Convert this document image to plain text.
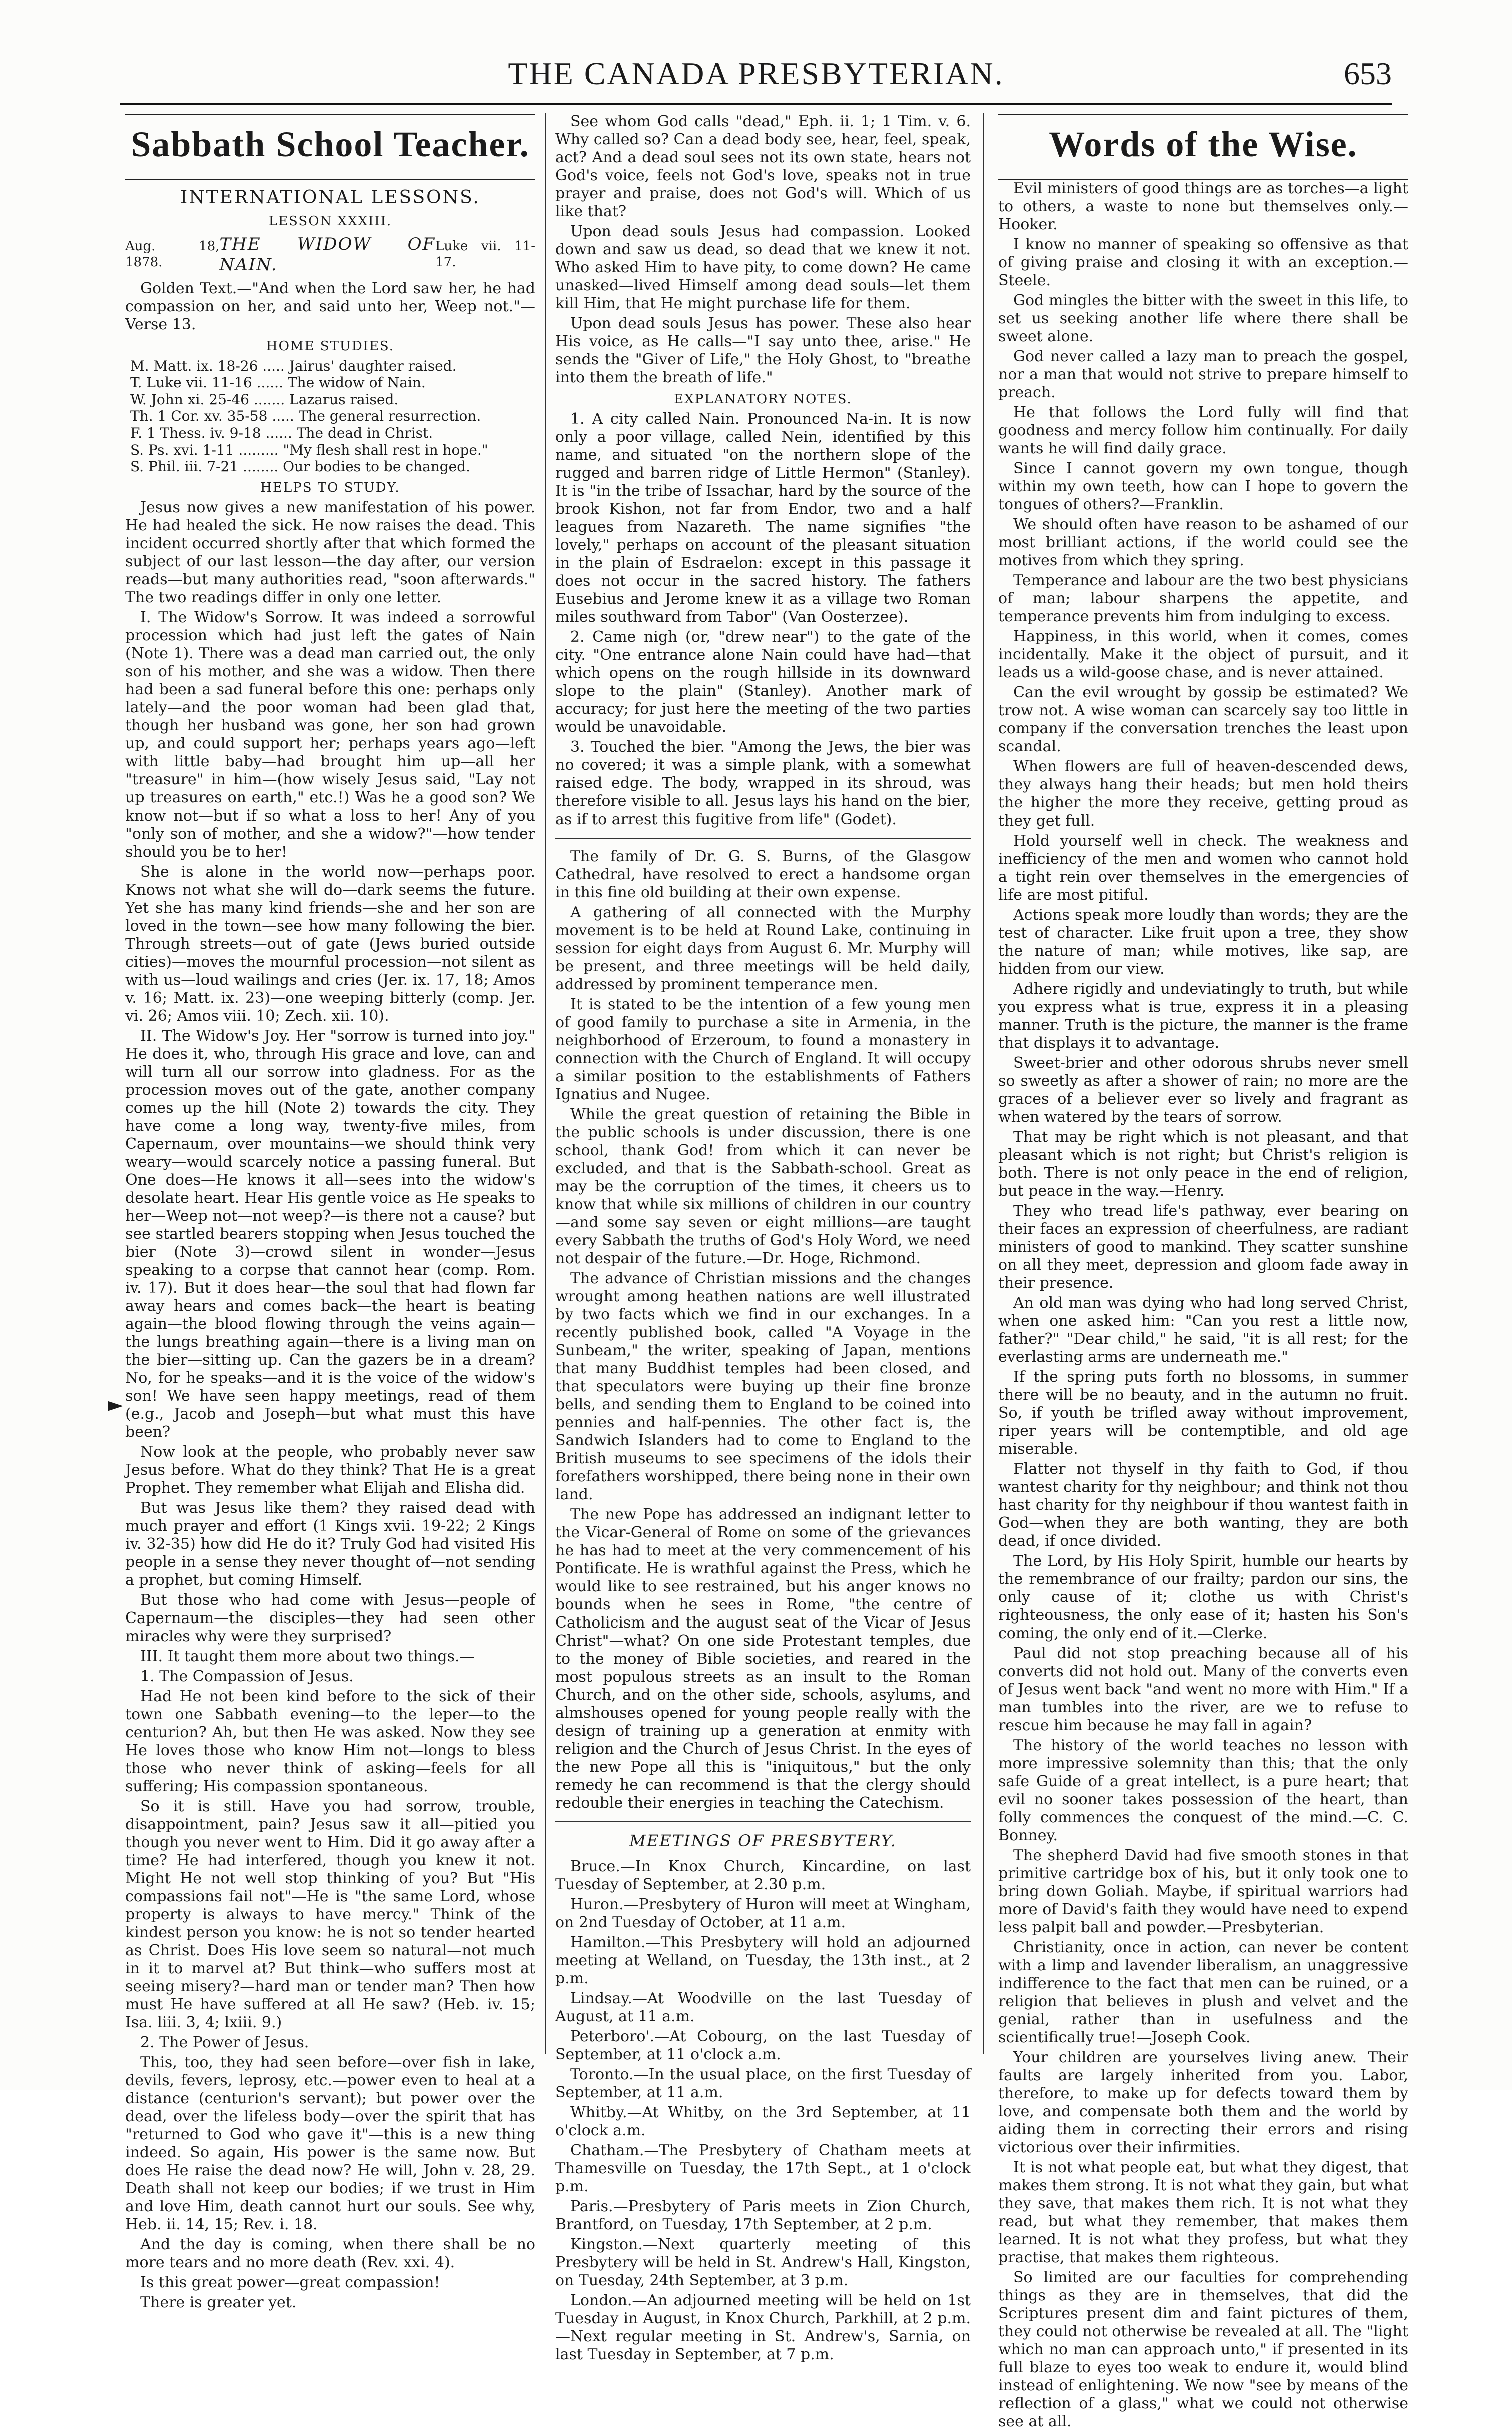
THE CANADA PRESBYTERIAN.	653
►
Sabbath School Teacher.
INTERNATIONAL LESSONS.
LESSON XXXIII.
Aug. 18, 1878.
THE WIDOW OF NAIN.
Luke vii. 11-17.

Golden Text.—"And when the Lord saw her, he had compassion on her, and said unto her, Weep not."—Verse 13.

HOME STUDIES.
M. Matt. ix. 18-26 ..... Jairus' daughter raised.
T. Luke vii. 11-16 ...... The widow of Nain.
W. John xi. 25-46 ....... Lazarus raised.
Th. 1 Cor. xv. 35-58 ..... The general resurrection.
F. 1 Thess. iv. 9-18 ...... The dead in Christ.
S. Ps. xvi. 1-11 ......... "My flesh shall rest in hope."
S. Phil. iii. 7-21 ........ Our bodies to be changed.
HELPS TO STUDY.

Jesus now gives a new manifestation of his power. He had healed the sick. He now raises the dead. This incident occurred shortly after that which formed the subject of our last lesson—the day after, our version reads—but many authorities read, "soon afterwards." The two readings differ in only one letter.

I. The Widow's Sorrow. It was indeed a sorrowful procession which had just left the gates of Nain (Note 1). There was a dead man carried out, the only son of his mother, and she was a widow. Then there had been a sad funeral before this one: perhaps only lately—and the poor woman had been glad that, though her husband was gone, her son had grown up, and could support her; perhaps years ago—left with little baby—had brought him up—all her "treasure" in him—(how wisely Jesus said, "Lay not up treasures on earth," etc.!) Was he a good son? We know not—but if so what a loss to her! Any of you "only son of mother, and she a widow?"—how tender should you be to her!

She is alone in the world now—perhaps poor. Knows not what she will do—dark seems the future. Yet she has many kind friends—she and her son are loved in the town—see how many following the bier. Through streets—out of gate (Jews buried outside cities)—moves the mournful procession—not silent as with us—loud wailings and cries (Jer. ix. 17, 18; Amos v. 16; Matt. ix. 23)—one weeping bitterly (comp. Jer. vi. 26; Amos viii. 10; Zech. xii. 10).

II. The Widow's Joy. Her "sorrow is turned into joy." He does it, who, through His grace and love, can and will turn all our sorrow into gladness. For as the procession moves out of the gate, another company comes up the hill (Note 2) towards the city. They have come a long way, twenty-five miles, from Capernaum, over mountains—we should think very weary—would scarcely notice a passing funeral. But One does—He knows it all—sees into the widow's desolate heart. Hear His gentle voice as He speaks to her—Weep not—not weep?—is there not a cause? but see startled bearers stopping when Jesus touched the bier (Note 3)—crowd silent in wonder—Jesus speaking to a corpse that cannot hear (comp. Rom. iv. 17). But it does hear—the soul that had flown far away hears and comes back—the heart is beating again—the blood flowing through the veins again—the lungs breathing again—there is a living man on the bier—sitting up. Can the gazers be in a dream? No, for he speaks—and it is the voice of the widow's son! We have seen happy meetings, read of them (e.g., Jacob and Joseph—but what must this have been?

Now look at the people, who probably never saw Jesus before. What do they think? That He is a great Prophet. They remember what Elijah and Elisha did.

But was Jesus like them? they raised dead with much prayer and effort (1 Kings xvii. 19-22; 2 Kings iv. 32-35) how did He do it? Truly God had visited His people in a sense they never thought of—not sending a prophet, but coming Himself.

But those who had come with Jesus—people of Capernaum—the disciples—they had seen other miracles why were they surprised?

III. It taught them more about two things.—

1. The Compassion of Jesus.

Had He not been kind before to the sick of their town one Sabbath evening—to the leper—to the centurion? Ah, but then He was asked. Now they see He loves those who know Him not—longs to bless those who never think of asking—feels for all suffering; His compassion spontaneous.

So it is still. Have you had sorrow, trouble, disappointment, pain? Jesus saw it all—pitied you though you never went to Him. Did it go away after a time? He had interfered, though you knew it not. Might He not well stop thinking of you? But "His compassions fail not"—He is "the same Lord, whose property is always to have mercy." Think of the kindest person you know: he is not so tender hearted as Christ. Does His love seem so natural—not much in it to marvel at? But think—who suffers most at seeing misery?—hard man or tender man? Then how must He have suffered at all He saw? (Heb. iv. 15; Isa. liii. 3, 4; lxiii. 9.)

2. The Power of Jesus.

This, too, they had seen before—over fish in lake, devils, fevers, leprosy, etc.—power even to heal at a distance (centurion's servant); but power over the dead, over the lifeless body—over the spirit that has "returned to God who gave it"—this is a new thing indeed. So again, His power is the same now. But does He raise the dead now? He will, John v. 28, 29. Death shall not keep our bodies; if we trust in Him and love Him, death cannot hurt our souls. See why, Heb. ii. 14, 15; Rev. i. 18.

And the day is coming, when there shall be no more tears and no more death (Rev. xxi. 4).

Is this great power—great compassion!

There is greater yet.

See whom God calls "dead," Eph. ii. 1; 1 Tim. v. 6. Why called so? Can a dead body see, hear, feel, speak, act? And a dead soul sees not its own state, hears not God's voice, feels not God's love, speaks not in true prayer and praise, does not God's will. Which of us like that?

Upon dead souls Jesus had compassion. Looked down and saw us dead, so dead that we knew it not. Who asked Him to have pity, to come down? He came unasked—lived Himself among dead souls—let them kill Him, that He might purchase life for them.

Upon dead souls Jesus has power. These also hear His voice, as He calls—"I say unto thee, arise." He sends the "Giver of Life," the Holy Ghost, to "breathe into them the breath of life."

EXPLANATORY NOTES.

1. A city called Nain. Pronounced Na-in. It is now only a poor village, called Nein, identified by this name, and situated "on the northern slope of the rugged and barren ridge of Little Hermon" (Stanley). It is "in the tribe of Issachar, hard by the source of the brook Kishon, not far from Endor, two and a half leagues from Nazareth. The name signifies "the lovely," perhaps on account of the pleasant situation in the plain of Esdraelon: except in this passage it does not occur in the sacred history. The fathers Eusebius and Jerome knew it as a village two Roman miles southward from Tabor" (Van Oosterzee).

2. Came nigh (or, "drew near") to the gate of the city. "One entrance alone Nain could have had—that which opens on the rough hillside in its downward slope to the plain" (Stanley). Another mark of accuracy; for just here the meeting of the two parties would be unavoidable.

3. Touched the bier. "Among the Jews, the bier was no covered; it was a simple plank, with a somewhat raised edge. The body, wrapped in its shroud, was therefore visible to all. Jesus lays his hand on the bier, as if to arrest this fugitive from life" (Godet).

The family of Dr. G. S. Burns, of the Glasgow Cathedral, have resolved to erect a handsome organ in this fine old building at their own expense.

A gathering of all connected with the Murphy movement is to be held at Round Lake, continuing in session for eight days from August 6. Mr. Murphy will be present, and three meetings will be held daily, addressed by prominent temperance men.

It is stated to be the intention of a few young men of good family to purchase a site in Armenia, in the neighborhood of Erzeroum, to found a monastery in connection with the Church of England. It will occupy a similar position to the establishments of Fathers Ignatius and Nugee.

While the great question of retaining the Bible in the public schools is under discussion, there is one school, thank God! from which it can never be excluded, and that is the Sabbath-school. Great as may be the corruption of the times, it cheers us to know that while six millions of children in our country—and some say seven or eight millions—are taught every Sabbath the truths of God's Holy Word, we need not despair of the future.—Dr. Hoge, Richmond.

The advance of Christian missions and the changes wrought among heathen nations are well illustrated by two facts which we find in our exchanges. In a recently published book, called "A Voyage in the Sunbeam," the writer, speaking of Japan, mentions that many Buddhist temples had been closed, and that speculators were buying up their fine bronze bells, and sending them to England to be coined into pennies and half-pennies. The other fact is, the Sandwich Islanders had to come to England to the British museums to see specimens of the idols their forefathers worshipped, there being none in their own land.

The new Pope has addressed an indignant letter to the Vicar-General of Rome on some of the grievances he has had to meet at the very commencement of his Pontificate. He is wrathful against the Press, which he would like to see restrained, but his anger knows no bounds when he sees in Rome, "the centre of Catholicism and the august seat of the Vicar of Jesus Christ"—what? On one side Protestant temples, due to the money of Bible societies, and reared in the most populous streets as an insult to the Roman Church, and on the other side, schools, asylums, and almshouses opened for young people really with the design of training up a generation at enmity with religion and the Church of Jesus Christ. In the eyes of the new Pope all this is "iniquitous," but the only remedy he can recommend is that the clergy should redouble their energies in teaching the Catechism.

MEETINGS OF PRESBYTERY.

Bruce.—In Knox Church, Kincardine, on last Tuesday of September, at 2.30 p.m.

Huron.—Presbytery of Huron will meet at Wingham, on 2nd Tuesday of October, at 11 a.m.

Hamilton.—This Presbytery will hold an adjourned meeting at Welland, on Tuesday, the 13th inst., at 2 p.m.

Lindsay.—At Woodville on the last Tuesday of August, at 11 a.m.

Peterboro'.—At Cobourg, on the last Tuesday of September, at 11 o'clock a.m.

Toronto.—In the usual place, on the first Tuesday of September, at 11 a.m.

Whitby.—At Whitby, on the 3rd September, at 11 o'clock a.m.

Chatham.—The Presbytery of Chatham meets at Thamesville on Tuesday, the 17th Sept., at 1 o'clock p.m.

Paris.—Presbytery of Paris meets in Zion Church, Brantford, on Tuesday, 17th September, at 2 p.m.

Kingston.—Next quarterly meeting of this Presbytery will be held in St. Andrew's Hall, Kingston, on Tuesday, 24th September, at 3 p.m.

London.—An adjourned meeting will be held on 1st Tuesday in August, in Knox Church, Parkhill, at 2 p.m.—Next regular meeting in St. Andrew's, Sarnia, on last Tuesday in September, at 7 p.m.

Words of the Wise.

Evil ministers of good things are as torches—a light to others, a waste to none but themselves only.—Hooker.

I know no manner of speaking so offensive as that of giving praise and closing it with an exception.—Steele.

God mingles the bitter with the sweet in this life, to set us seeking another life where there shall be sweet alone.

God never called a lazy man to preach the gospel, nor a man that would not strive to prepare himself to preach.

He that follows the Lord fully will find that goodness and mercy follow him continually. For daily wants he will find daily grace.

Since I cannot govern my own tongue, though within my own teeth, how can I hope to govern the tongues of others?—Franklin.

We should often have reason to be ashamed of our most brilliant actions, if the world could see the motives from which they spring.

Temperance and labour are the two best physicians of man; labour sharpens the appetite, and temperance prevents him from indulging to excess.

Happiness, in this world, when it comes, comes incidentally. Make it the object of pursuit, and it leads us a wild-goose chase, and is never attained.

Can the evil wrought by gossip be estimated? We trow not. A wise woman can scarcely say too little in company if the conversation trenches the least upon scandal.

When flowers are full of heaven-descended dews, they always hang their heads; but men hold theirs the higher the more they receive, getting proud as they get full.

Hold yourself well in check. The weakness and inefficiency of the men and women who cannot hold a tight rein over themselves in the emergencies of life are most pitiful.

Actions speak more loudly than words; they are the test of character. Like fruit upon a tree, they show the nature of man; while motives, like sap, are hidden from our view.

Adhere rigidly and undeviatingly to truth, but while you express what is true, express it in a pleasing manner. Truth is the picture, the manner is the frame that displays it to advantage.

Sweet-brier and other odorous shrubs never smell so sweetly as after a shower of rain; no more are the graces of a believer ever so lively and fragrant as when watered by the tears of sorrow.

That may be right which is not pleasant, and that pleasant which is not right; but Christ's religion is both. There is not only peace in the end of religion, but peace in the way.—Henry.

They who tread life's pathway, ever bearing on their faces an expression of cheerfulness, are radiant ministers of good to mankind. They scatter sunshine on all they meet, depression and gloom fade away in their presence.

An old man was dying who had long served Christ, when one asked him: "Can you rest a little now, father?" "Dear child," he said, "it is all rest; for the everlasting arms are underneath me."

If the spring puts forth no blossoms, in summer there will be no beauty, and in the autumn no fruit. So, if youth be trifled away without improvement, riper years will be contemptible, and old age miserable.

Flatter not thyself in thy faith to God, if thou wantest charity for thy neighbour; and think not thou hast charity for thy neighbour if thou wantest faith in God—when they are both wanting, they are both dead, if once divided.

The Lord, by His Holy Spirit, humble our hearts by the remembrance of our frailty; pardon our sins, the only cause of it; clothe us with Christ's righteousness, the only ease of it; hasten his Son's coming, the only end of it.—Clerke.

Paul did not stop preaching because all of his converts did not hold out. Many of the converts even of Jesus went back "and went no more with Him." If a man tumbles into the river, are we to refuse to rescue him because he may fall in again?

The history of the world teaches no lesson with more impressive solemnity than this; that the only safe Guide of a great intellect, is a pure heart; that evil no sooner takes possession of the heart, than folly commences the conquest of the mind.—C. C. Bonney.

The shepherd David had five smooth stones in that primitive cartridge box of his, but it only took one to bring down Goliah. Maybe, if spiritual warriors had more of David's faith they would have need to expend less palpit ball and powder.—Presbyterian.

Christianity, once in action, can never be content with a limp and lavender liberalism, an unaggressive indifference to the fact that men can be ruined, or a religion that believes in plush and velvet and the genial, rather than in usefulness and the scientifically true!—Joseph Cook.

Your children are yourselves living anew. Their faults are largely inherited from you. Labor, therefore, to make up for defects toward them by love, and compensate both them and the world by aiding them in correcting their errors and rising victorious over their infirmities.

It is not what people eat, but what they digest, that makes them strong. It is not what they gain, but what they save, that makes them rich. It is not what they read, but what they remember, that makes them learned. It is not what they profess, but what they practise, that makes them righteous.

So limited are our faculties for comprehending things as they are in themselves, that did the Scriptures present dim and faint pictures of them, they could not otherwise be revealed at all. The "light which no man can approach unto," if presented in its full blaze to eyes too weak to endure it, would blind instead of enlightening. We now "see by means of the reflection of a glass," what we could not otherwise see at all.
